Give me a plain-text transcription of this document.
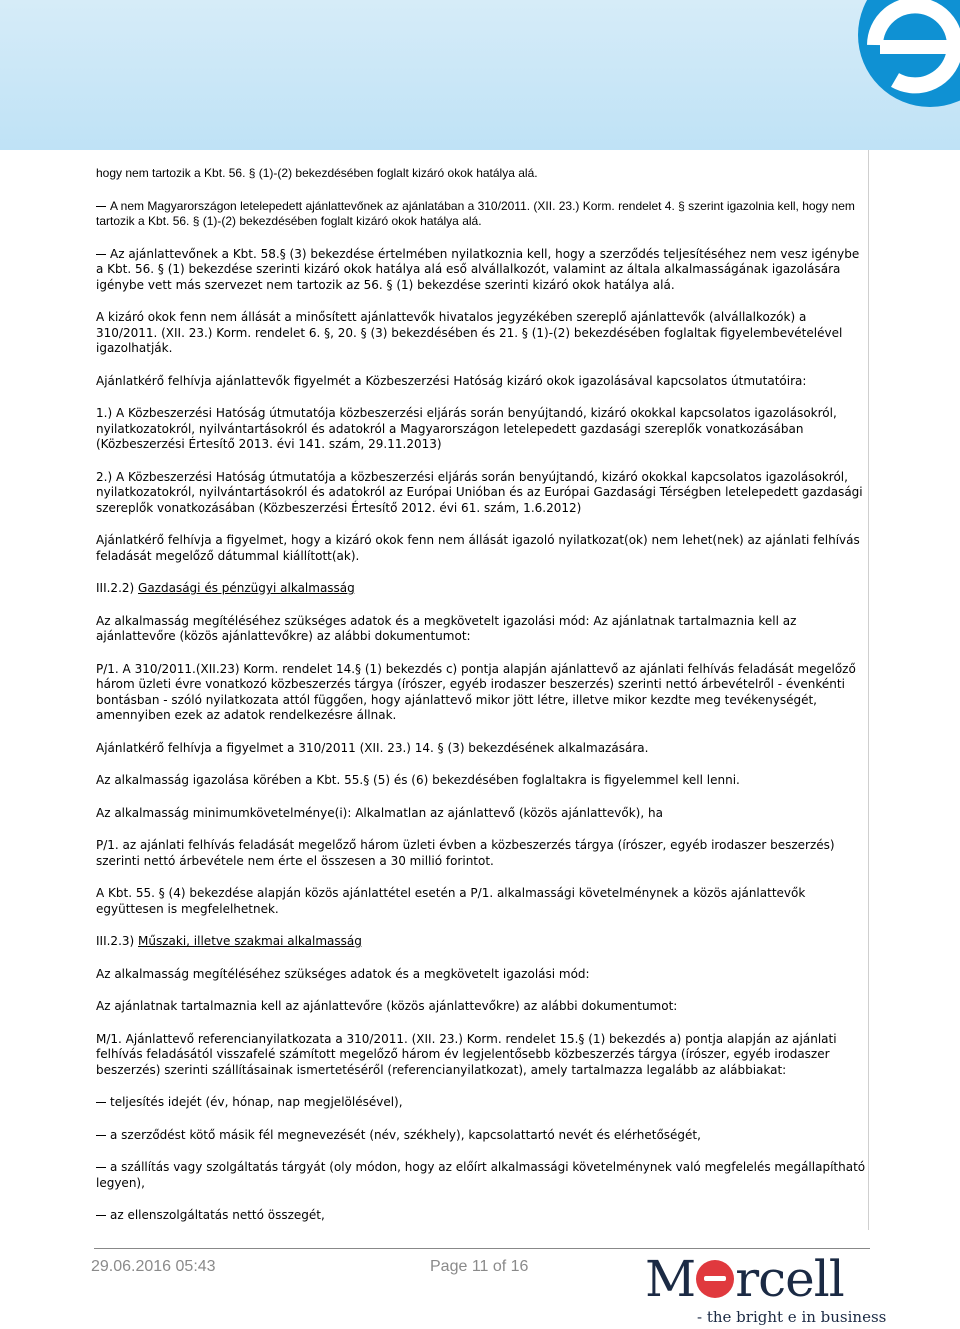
hogy nem tartozik a Kbt. 56. § (1)-(2) bekezdésében foglalt kizáró okok hatálya alá.

A nem Magyarországon letelepedett ajánlattevőnek az ajánlatában a 310/2011. (XII. 23.) Korm. rendelet 4. § szerint igazolnia kell, hogy nem tartozik a Kbt. 56. § (1)-(2) bekezdésében foglalt kizáró okok hatálya alá.

Az ajánlattevőnek a Kbt. 58.§ (3) bekezdése értelmében nyilatkoznia kell, hogy a szerződés teljesítéséhez nem vesz igénybe a Kbt. 56. § (1) bekezdése szerinti kizáró okok hatálya alá eső alvállalkozót, valamint az általa alkalmasságának igazolására igénybe vett más szervezet nem tartozik az 56. § (1) bekezdése szerinti kizáró okok hatálya alá.

A kizáró okok fenn nem állását a minősített ajánlattevők hivatalos jegyzékében szereplő ajánlattevők (alvállalkozók) a 310/2011. (XII. 23.) Korm. rendelet 6. §, 20. § (3) bekezdésében és 21. § (1)-(2) bekezdésében foglaltak figyelembevételével igazolhatják.

Ajánlatkérő felhívja ajánlattevők figyelmét a Közbeszerzési Hatóság kizáró okok igazolásával kapcsolatos útmutatóira:

1.) A Közbeszerzési Hatóság útmutatója közbeszerzési eljárás során benyújtandó, kizáró okokkal kapcsolatos igazolásokról, nyilatkozatokról, nyilvántartásokról és adatokról a Magyarországon letelepedett gazdasági szereplők vonatkozásában (Közbeszerzési Értesítő 2013. évi 141. szám, 29.11.2013)

2.) A Közbeszerzési Hatóság útmutatója a közbeszerzési eljárás során benyújtandó, kizáró okokkal kapcsolatos igazolásokról, nyilatkozatokról, nyilvántartásokról és adatokról az Európai Unióban és az Európai Gazdasági Térségben letelepedett gazdasági szereplők vonatkozásában (Közbeszerzési Értesítő 2012. évi 61. szám, 1.6.2012)

Ajánlatkérő felhívja a figyelmet, hogy a kizáró okok fenn nem állását igazoló nyilatkozat(ok) nem lehet(nek) az ajánlati felhívás feladását megelőző dátummal kiállított(ak).

III.2.2) Gazdasági és pénzügyi alkalmasság

Az alkalmasság megítéléséhez szükséges adatok és a megkövetelt igazolási mód: Az ajánlatnak tartalmaznia kell az ajánlattevőre (közös ajánlattevőkre) az alábbi dokumentumot:

P/1. A 310/2011.(XII.23) Korm. rendelet 14.§ (1) bekezdés c) pontja alapján ajánlattevő az ajánlati felhívás feladását megelőző három üzleti évre vonatkozó közbeszerzés tárgya (írószer, egyéb irodaszer beszerzés) szerinti nettó árbevételről - évenkénti bontásban - szóló nyilatkozata attól függően, hogy ajánlattevő mikor jött létre, illetve mikor kezdte meg tevékenységét, amennyiben ezek az adatok rendelkezésre állnak.

Ajánlatkérő felhívja a figyelmet a 310/2011 (XII. 23.) 14. § (3) bekezdésének alkalmazására.

Az alkalmasság igazolása körében a Kbt. 55.§ (5) és (6) bekezdésében foglaltakra is figyelemmel kell lenni.

Az alkalmasság minimumkövetelménye(i): Alkalmatlan az ajánlattevő (közös ajánlattevők), ha

P/1. az ajánlati felhívás feladását megelőző három üzleti évben a közbeszerzés tárgya (írószer, egyéb irodaszer beszerzés) szerinti nettó árbevétele nem érte el összesen a 30 millió forintot.

A Kbt. 55. § (4) bekezdése alapján közös ajánlattétel esetén a P/1. alkalmassági követelménynek a közös ajánlattevők együttesen is megfelelhetnek.

III.2.3) Műszaki, illetve szakmai alkalmasság

Az alkalmasság megítéléséhez szükséges adatok és a megkövetelt igazolási mód:

Az ajánlatnak tartalmaznia kell az ajánlattevőre (közös ajánlattevőkre) az alábbi dokumentumot:

M/1. Ajánlattevő referencianyilatkozata a 310/2011. (XII. 23.) Korm. rendelet 15.§ (1) bekezdés a) pontja alapján az ajánlati felhívás feladásától visszafelé számított megelőző három év legjelentősebb közbeszerzés tárgya (írószer, egyéb irodaszer beszerzés) szerinti szállításainak ismertetéséről (referencianyilatkozat), amely tartalmazza legalább az alábbiakat:

teljesítés idejét (év, hónap, nap megjelölésével),

a szerződést kötő másik fél megnevezését (név, székhely), kapcsolattartó nevét és elérhetőségét,

a szállítás vagy szolgáltatás tárgyát (oly módon, hogy az előírt alkalmassági követelménynek való megfelelés megállapítható legyen),

az ellenszolgáltatás nettó összegét,

29.06.2016 05:43	Page 11 of 16 M rcell
- the bright e in business
